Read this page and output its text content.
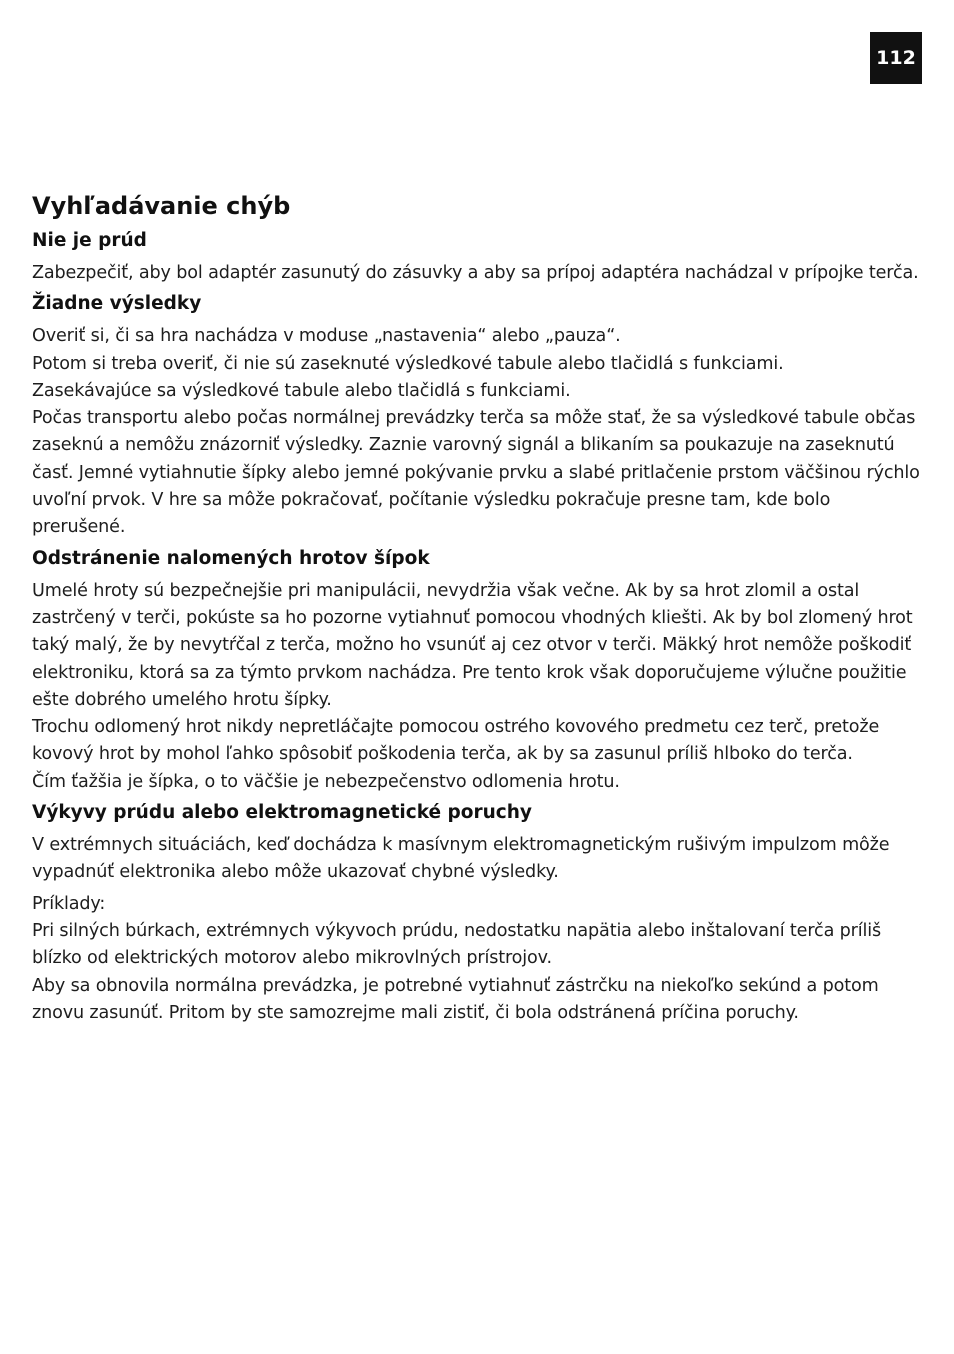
112
Vyhľadávanie chýb
Nie je prúd

Zabezpečiť, aby bol adaptér zasunutý do zásuvky a aby sa prípoj adaptéra nachádzal v prípojke terča.

Žiadne výsledky

Overiť si, či sa hra nachádza v moduse „nastavenia“ alebo „pauza“.

Potom si treba overiť, či nie sú zaseknuté výsledkové tabule alebo tlačidlá s funkciami.

Zasekávajúce sa výsledkové tabule alebo tlačidlá s funkciami.

Počas transportu alebo počas normálnej prevádzky terča sa môže stať, že sa výsledkové tabule občas zaseknú a nemôžu znázorniť výsledky. Zaznie varovný signál a blikaním sa poukazuje na zaseknutú časť. Jemné vytiahnutie šípky alebo jemné pokývanie prvku a slabé pritlačenie prstom väčšinou rýchlo uvoľní prvok. V hre sa môže pokračovať, počítanie výsledku pokračuje presne tam, kde bolo prerušené.

Odstránenie nalomených hrotov šípok

Umelé hroty sú bezpečnejšie pri manipulácii, nevydržia však večne. Ak by sa hrot zlomil a ostal zastrčený v terči, pokúste sa ho pozorne vytiahnuť pomocou vhodných kliešti. Ak by bol zlomený hrot taký malý, že by nevytŕčal z terča, možno ho vsunúť aj cez otvor v terči. Mäkký hrot nemôže poškodiť elektroniku, ktorá sa za týmto prvkom nachádza. Pre tento krok však doporučujeme výlučne použitie ešte dobrého umelého hrotu šípky.

Trochu odlomený hrot nikdy nepretláčajte pomocou ostrého kovového predmetu cez terč, pretože kovový hrot by mohol ľahko spôsobiť poškodenia terča, ak by sa zasunul príliš hlboko do terča.

Čím ťažšia je šípka, o to väčšie je nebezpečenstvo odlomenia hrotu.

Výkyvy prúdu alebo elektromagnetické poruchy

V extrémnych situáciách, keď dochádza k masívnym elektromagnetickým rušivým impulzom môže vypadnúť elektronika alebo môže ukazovať chybné výsledky.

Príklady:

Pri silných búrkach, extrémnych výkyvoch prúdu, nedostatku napätia alebo inštalovaní terča príliš blízko od elektrických motorov alebo mikrovlných prístrojov.

Aby sa obnovila normálna prevádzka, je potrebné vytiahnuť zástrčku na niekoľko sekúnd a potom znovu zasunúť. Pritom by ste samozrejme mali zistiť, či bola odstránená príčina poruchy.
